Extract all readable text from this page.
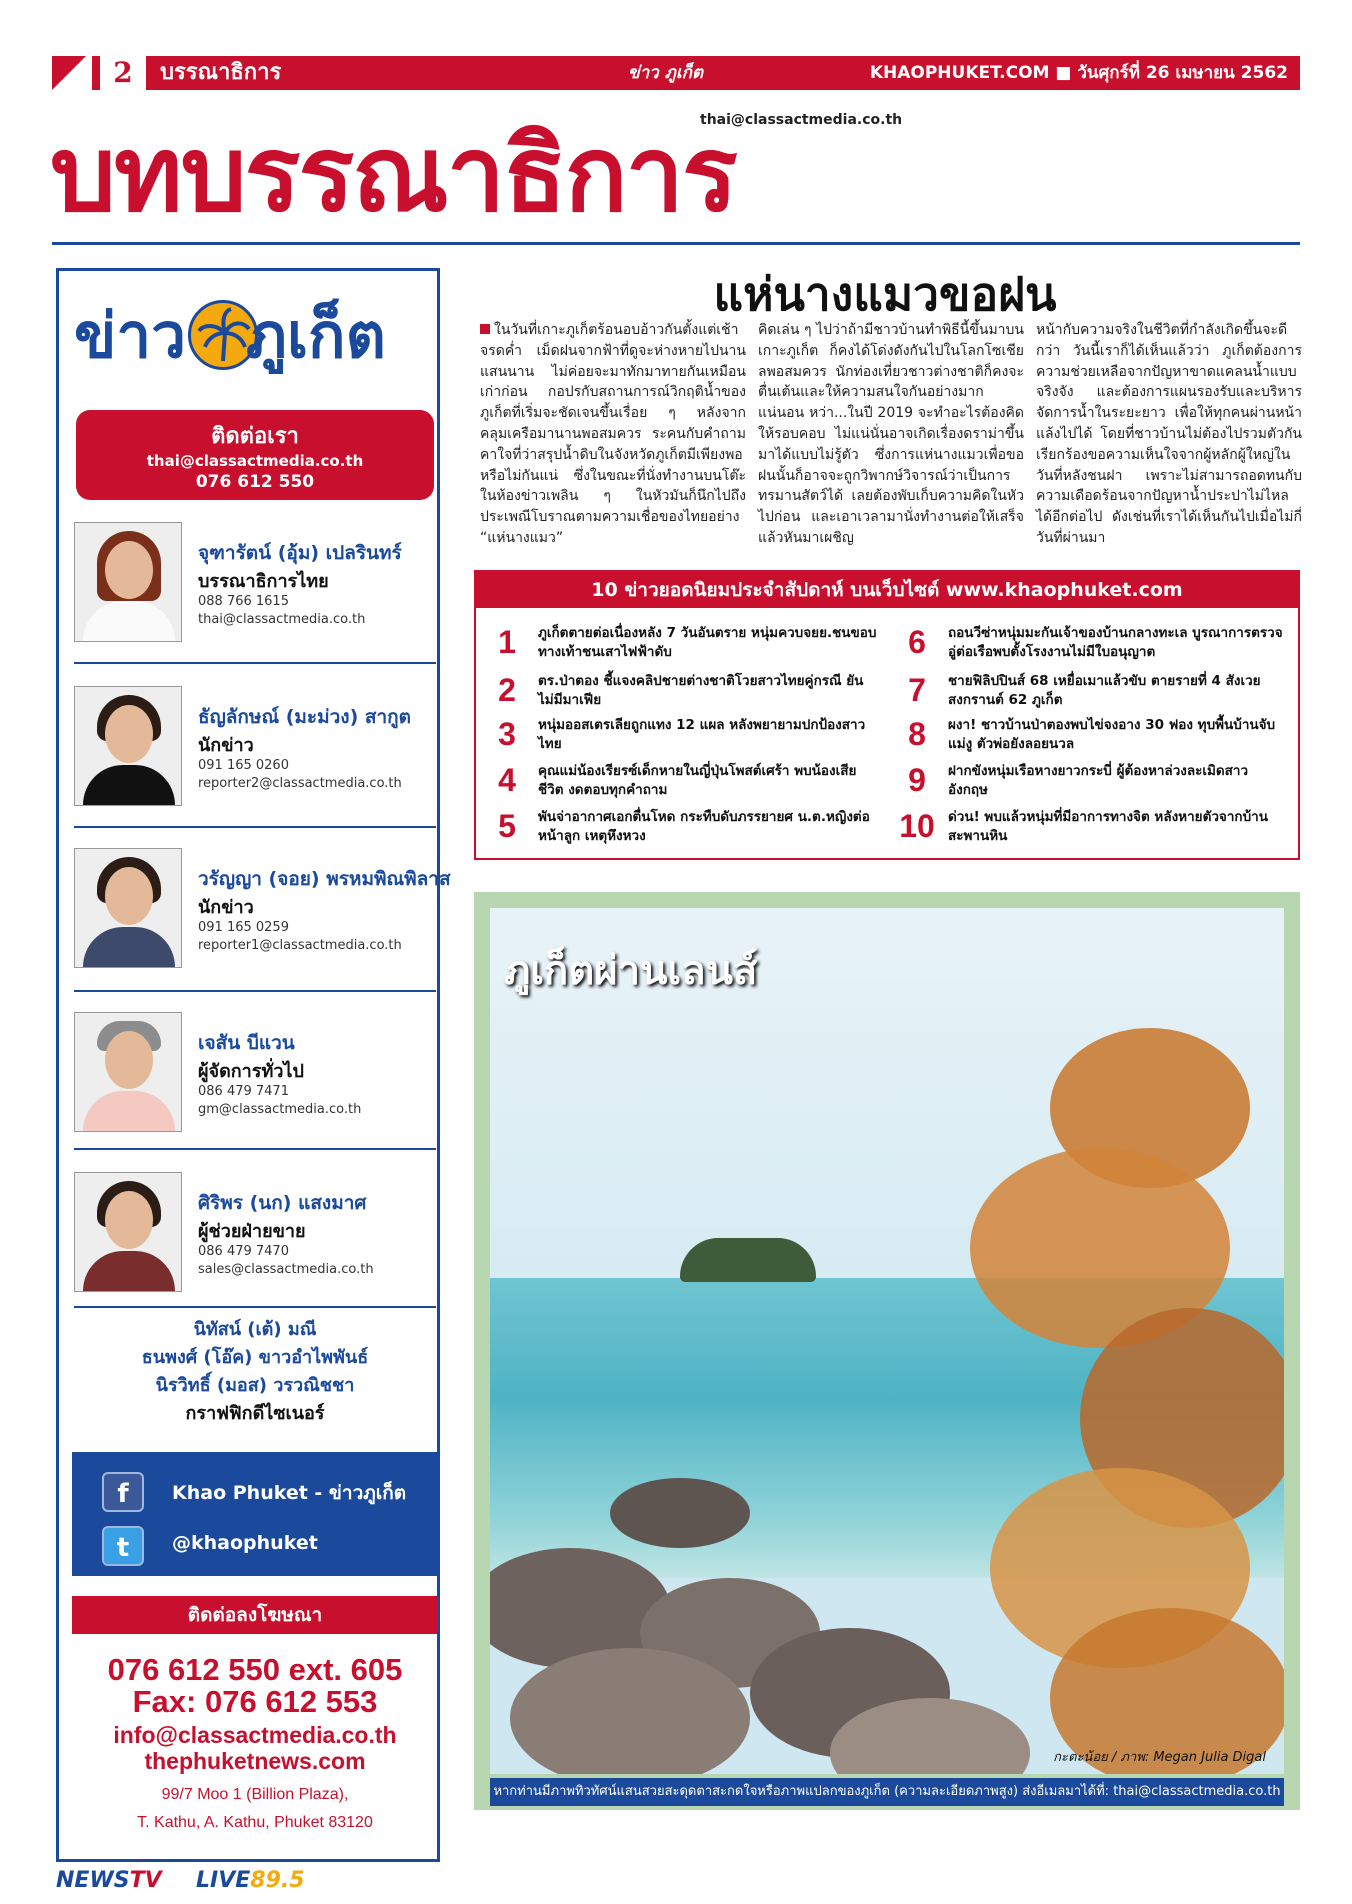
2	บรรณาธิการ	ข่าว ภูเก็ต	KHAOPHUKET.COM ■ วันศุกร์ที่ 26 เมษายน 2562
thai@classactmedia.co.th
บทบรรณาธิการ
ข่าว ภูเก็ต
ติดต่อเรา
thai@classactmedia.co.th
076 612 550
จุฑารัตน์ (อุ้ม) เปลรินทร์
บรรณาธิการไทย
088 766 1615
thai@classactmedia.co.th
ธัญลักษณ์ (มะม่วง) สากูต
นักข่าว
091 165 0260
reporter2@classactmedia.co.th
วรัญญา (จอย) พรหมพิณพิลาส
นักข่าว
091 165 0259
reporter1@classactmedia.co.th
เจสัน บีแวน
ผู้จัดการทั่วไป
086 479 7471
gm@classactmedia.co.th
ศิริพร (นก) แสงมาศ
ผู้ช่วยฝ่ายขาย
086 479 7470
sales@classactmedia.co.th
นิทัสน์ (เต้) มณี
ธนพงศ์ (โอ๊ค) ขาวอำไพพันธ์
นิรวิทธิ์ (มอส) วรวณิชชา
กราฟฟิกดีไซเนอร์
f	Khao Phuket - ข่าวภูเก็ต
t	@khaophuket
ติดต่อลงโฆษณา
076 612 550 ext. 605
Fax: 076 612 553
info@classactmedia.co.th
thephuketnews.com
99/7 Moo 1 (Billion Plaza),
T. Kathu, A. Kathu, Phuket 83120
NEWSTV LIVE89.5
แห่นางแมวขอฝน
ในวันที่เกาะภูเก็ตร้อนอบอ้าวกันตั้งแต่เช้าจรดค่ำ เม็ดฝนจากฟ้าที่ดูจะห่างหายไปนานแสนนาน ไม่ค่อยจะมาทักมาทายกันเหมือนเก่าก่อน กอปรกับสถานการณ์วิกฤติน้ำของภูเก็ตที่เริ่มจะชัดเจนขึ้นเรื่อย ๆ หลังจากคลุมเครือมานานพอสมควร ระคนกับคำถามคาใจที่ว่าสรุปน้ำดิบในจังหวัดภูเก็ตมีเพียงพอหรือไม่กันแน่ ซึ่งในขณะที่นั่งทำงานบนโต๊ะในห้องข่าวเพลิน ๆ ในหัวมันก็นึกไปถึงประเพณีโบราณตามความเชื่อของไทยอย่าง “แห่นางแมว”
คิดเล่น ๆ ไปว่าถ้ามีชาวบ้านทำพิธีนี้ขึ้นมาบนเกาะภูเก็ต ก็คงได้โด่งดังกันไปในโลกโซเชียลพอสมควร นักท่องเที่ยวชาวต่างชาติก็คงจะตื่นเต้นและให้ความสนใจกันอย่างมากแน่นอน หว่า...ในปี 2019 จะทำอะไรต้องคิดให้รอบคอบ ไม่แน่นั่นอาจเกิดเรื่องดราม่าขึ้นมาได้แบบไม่รู้ตัว ซึ่งการแห่นางแมวเพื่อขอฝนนั้นก็อาจจะถูกวิพากษ์วิจารณ์ว่าเป็นการทรมานสัตว์ได้ เลยต้องพับเก็บความคิดในหัวไปก่อน และเอาเวลามานั่งทำงานต่อให้เสร็จ แล้วหันมาเผชิญ
หน้ากับความจริงในชีวิตที่กำลังเกิดขึ้นจะดีกว่า วันนี้เราก็ได้เห็นแล้วว่า ภูเก็ตต้องการความช่วยเหลือจากปัญหาขาดแคลนน้ำแบบจริงจัง และต้องการแผนรองรับและบริหารจัดการน้ำในระยะยาว เพื่อให้ทุกคนผ่านหน้าแล้งไปได้ โดยที่ชาวบ้านไม่ต้องไปรวมตัวกันเรียกร้องขอความเห็นใจจากผู้หลักผู้ใหญ่ในวันที่หลังชนฝา เพราะไม่สามารถอดทนกับความเดือดร้อนจากปัญหาน้ำประปาไม่ไหลได้อีกต่อไป ดังเช่นที่เราได้เห็นกันไปเมื่อไม่กี่วันที่ผ่านมา
10 ข่าวยอดนิยมประจำสัปดาห์ บนเว็บไซต์ www.khaophuket.com
1	ภูเก็ตตายต่อเนื่องหลัง 7 วันอันตราย หนุ่มควบจยย.ชนขอบทางเท้าชนเสาไฟฟ้าดับ
2	ตร.ป่าตอง ชี้แจงคลิปชายต่างชาติโวยสาวไทยคู่กรณี ยันไม่มีมาเฟีย
3	หนุ่มออสเตรเลียถูกแทง 12 แผล หลังพยายามปกป้องสาวไทย
4	คุณแม่น้องเรียรซ์เด็กหายในญี่ปุ่นโพสต์เศร้า พบน้องเสียชีวิต งดตอบทุกคำถาม
5	พันจ่าอากาศเอกตื่นโหด กระทืบดับภรรยายศ น.ต.หญิงต่อหน้าลูก เหตุหึงหวง
6	ถอนวีซ่าหนุ่มมะกันเจ้าของบ้านกลางทะเล บูรณาการตรวจอู่ต่อเรือพบตั้งโรงงานไม่มีใบอนุญาต
7	ชายฟิลิปปินส์ 68 เหยื่อเมาแล้วขับ ตายรายที่ 4 สังเวยสงกรานต์ 62 ภูเก็ต
8	ผงา! ชาวบ้านป่าตองพบไข่จงอาง 30 ฟอง ทุบพื้นบ้านจับแม่งู ตัวพ่อยังลอยนวล
9	ฝากขังหนุ่มเรือหางยาวกระบี่ ผู้ต้องหาล่วงละเมิดสาวอังกฤษ
10 ด่วน! พบแล้วหนุ่มที่มีอาการทางจิต หลังหายตัวจากบ้านสะพานหิน
ภูเก็ตผ่านเลนส์
กะตะน้อย / ภาพ: Megan Julia Digal
หากท่านมีภาพทิวทัศน์แสนสวยสะดุดตาสะกดใจหรือภาพแปลกของภูเก็ต (ความละเอียดภาพสูง) ส่งอีเมลมาได้ที่: thai@classactmedia.co.th
